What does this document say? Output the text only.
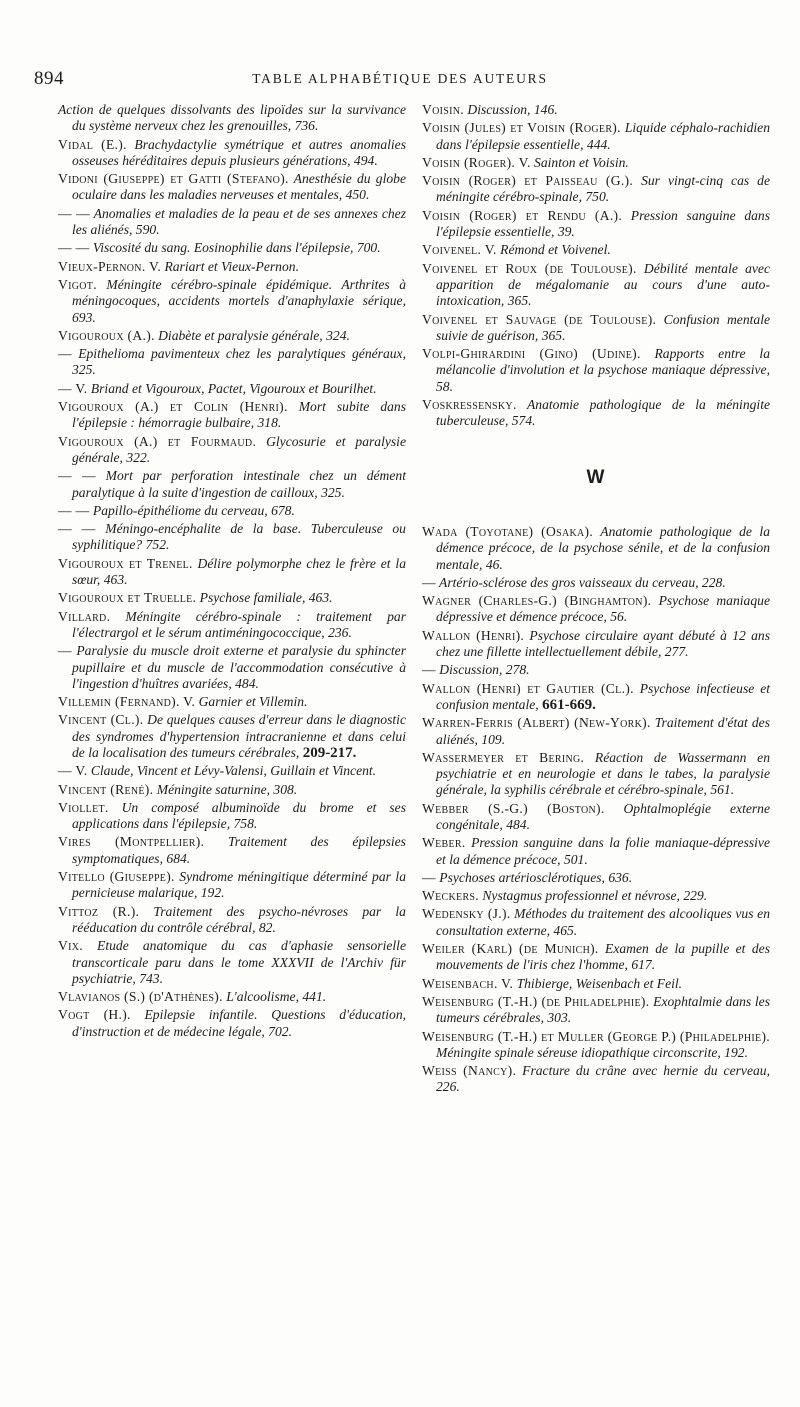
894	TABLE ALPHABÉTIQUE DES AUTEURS
Action de quelques dissolvants des lipoïdes sur la survivance du système nerveux chez les grenouilles, 736.
Vidal (E.). Brachydactylie symétrique et autres anomalies osseuses héréditaires depuis plusieurs générations, 494.
Vidoni (Giuseppe) et Gatti (Stefano). Anesthésie du globe oculaire dans les maladies nerveuses et mentales, 450.
— — Anomalies et maladies de la peau et de ses annexes chez les aliénés, 590.
— — Viscosité du sang. Eosinophilie dans l'épilepsie, 700.
Vieux-Pernon. V. Rariart et Vieux-Pernon.
Vigot. Méningite cérébro-spinale épidémique. Arthrites à méningocoques, accidents mortels d'anaphylaxie sérique, 693.
Vigouroux (A.). Diabète et paralysie générale, 324.
— Epithelioma pavimenteux chez les paralytiques généraux, 325.
— V. Briand et Vigouroux, Pactet, Vigouroux et Bourilhet.
Vigouroux (A.) et Colin (Henri). Mort subite dans l'épilepsie : hémorragie bulbaire, 318.
Vigouroux (A.) et Fourmaud. Glycosurie et paralysie générale, 322.
— — Mort par perforation intestinale chez un dément paralytique à la suite d'ingestion de cailloux, 325.
— — Papillo-épithéliome du cerveau, 678.
— — Méningo-encéphalite de la base. Tuberculeuse ou syphilitique? 752.
Vigouroux et Trenel. Délire polymorphe chez le frère et la sœur, 463.
Vigouroux et Truelle. Psychose familiale, 463.
Villard. Méningite cérébro-spinale : traitement par l'électrargol et le sérum antiméningococcique, 236.
— Paralysie du muscle droit externe et paralysie du sphincter pupillaire et du muscle de l'accommodation consécutive à l'ingestion d'huîtres avariées, 484.
Villemin (Fernand). V. Garnier et Villemin.
Vincent (Cl.). De quelques causes d'erreur dans le diagnostic des syndromes d'hypertension intracranienne et dans celui de la localisation des tumeurs cérébrales, 209-217.
— V. Claude, Vincent et Lévy-Valensi, Guillain et Vincent.
Vincent (René). Méningite saturnine, 308.
Viollet. Un composé albuminoïde du brome et ses applications dans l'épilepsie, 758.
Vires (Montpellier). Traitement des épilepsies symptomatiques, 684.
Vitello (Giuseppe). Syndrome méningitique déterminé par la pernicieuse malarique, 192.
Vittoz (R.). Traitement des psycho-névroses par la rééducation du contrôle cérébral, 82.
Vix. Etude anatomique du cas d'aphasie sensorielle transcorticale paru dans le tome XXXVII de l'Archiv für psychiatrie, 743.
Vlavianos (S.) (d'Athènes). L'alcoolisme, 441.
Vogt (H.). Epilepsie infantile. Questions d'éducation, d'instruction et de médecine légale, 702.
Voisin. Discussion, 146.
Voisin (Jules) et Voisin (Roger). Liquide céphalo-rachidien dans l'épilepsie essentielle, 444.
Voisin (Roger). V. Sainton et Voisin.
Voisin (Roger) et Paisseau (G.). Sur vingt-cinq cas de méningite cérébro-spinale, 750.
Voisin (Roger) et Rendu (A.). Pression sanguine dans l'épilepsie essentielle, 39.
Voivenel. V. Rémond et Voivenel.
Voivenel et Roux (de Toulouse). Débilité mentale avec apparition de mégalomanie au cours d'une auto-intoxication, 365.
Voivenel et Sauvage (de Toulouse). Confusion mentale suivie de guérison, 365.
Volpi-Ghirardini (Gino) (Udine). Rapports entre la mélancolie d'involution et la psychose maniaque dépressive, 58.
Voskressensky. Anatomie pathologique de la méningite tuberculeuse, 574.
W
Wada (Toyotane) (Osaka). Anatomie pathologique de la démence précoce, de la psychose sénile, et de la confusion mentale, 46.
— Artério-sclérose des gros vaisseaux du cerveau, 228.
Wagner (Charles-G.) (Binghamton). Psychose maniaque dépressive et démence précoce, 56.
Wallon (Henri). Psychose circulaire ayant débuté à 12 ans chez une fillette intellectuellement débile, 277.
— Discussion, 278.
Wallon (Henri) et Gautier (Cl.). Psychose infectieuse et confusion mentale, 661-669.
Warren-Ferris (Albert) (New-York). Traitement d'état des aliénés, 109.
Wassermeyer et Bering. Réaction de Wassermann en psychiatrie et en neurologie et dans le tabes, la paralysie générale, la syphilis cérébrale et cérébro-spinale, 561.
Webber (S.-G.) (Boston). Ophtalmoplégie externe congénitale, 484.
Weber. Pression sanguine dans la folie maniaque-dépressive et la démence précoce, 501.
— Psychoses artériosclérotiques, 636.
Weckers. Nystagmus professionnel et névrose, 229.
Wedensky (J.). Méthodes du traitement des alcooliques vus en consultation externe, 465.
Weiler (Karl) (de Munich). Examen de la pupille et des mouvements de l'iris chez l'homme, 617.
Weisenbach. V. Thibierge, Weisenbach et Feil.
Weisenburg (T.-H.) (de Philadelphie). Exophtalmie dans les tumeurs cérébrales, 303.
Weisenburg (T.-H.) et Muller (George P.) (Philadelphie). Méningite spinale séreuse idiopathique circonscrite, 192.
Weiss (Nancy). Fracture du crâne avec hernie du cerveau, 226.
